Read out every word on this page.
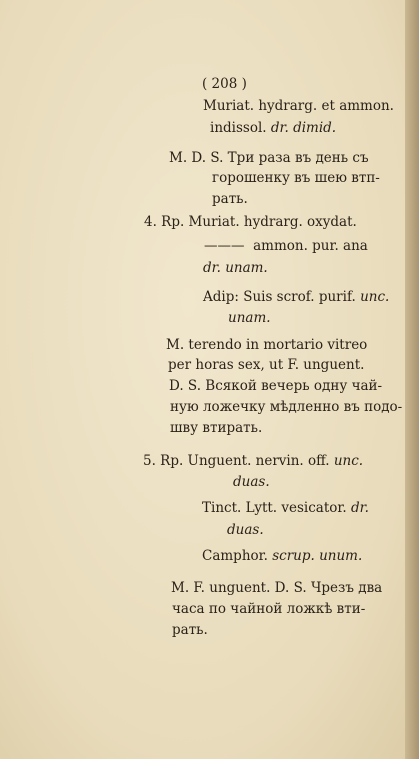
( 208 )
Muriat. hydrarg. et ammon.
indissol. dr. dimid.
M. D. S. Три раза въ день съ
горошенку въ шею втп-
рать.
4. Rp. Muriat. hydrarg. oxydat.
——— ammon. pur. ana
dr. unam.
Adip: Suis scrof. purif. unc.
unam.
M. terendo in mortario vitreo
per horas sex, ut F. unguent.
D. S. Всякой вечерь одну чай-
ную ложечку мѣдленно въ подо-
шву втирать.
5. Rp. Unguent. nervin. off. unc.
duas.
Tinct. Lytt. vesicator. dr.
duas.
Camphor. scrup. unum.
M. F. unguent. D. S. Чрезъ два
часа по чайной ложкѣ вти-
рать.
